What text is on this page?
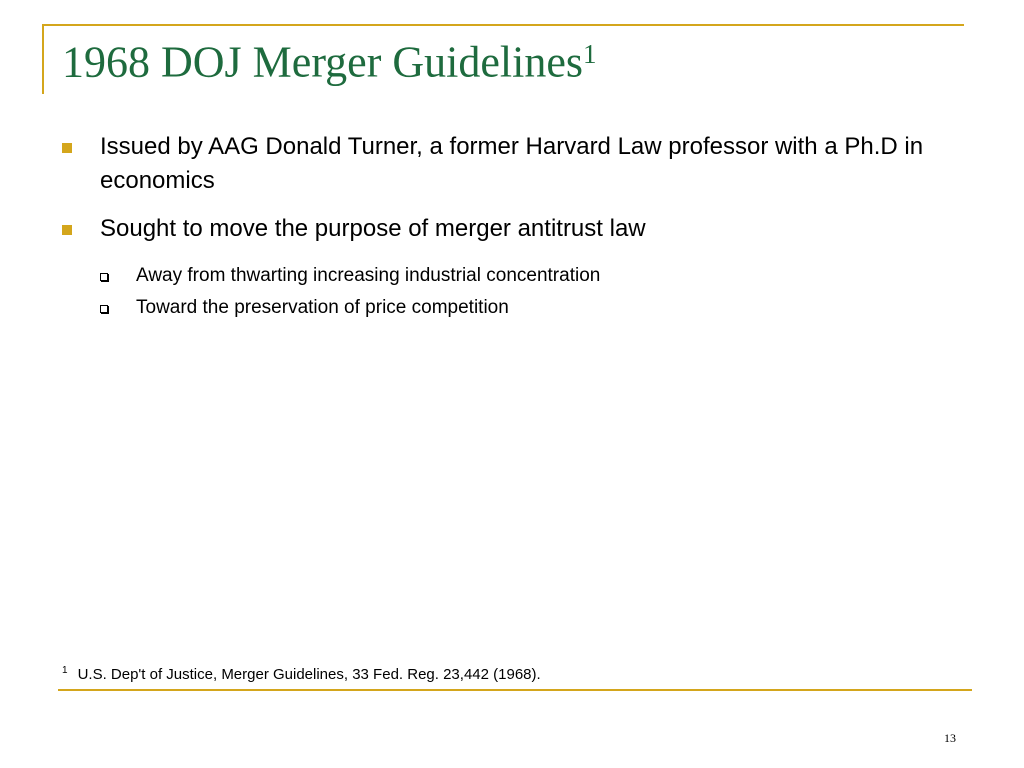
1968 DOJ Merger Guidelines$^1$
Issued by AAG Donald Turner, a former Harvard Law professor with a Ph.D in economics
Sought to move the purpose of merger antitrust law
Away from thwarting increasing industrial concentration
Toward the preservation of price competition
$^1$ U.S. Dep't of Justice, Merger Guidelines, 33 Fed. Reg. 23,442 (1968).
13
